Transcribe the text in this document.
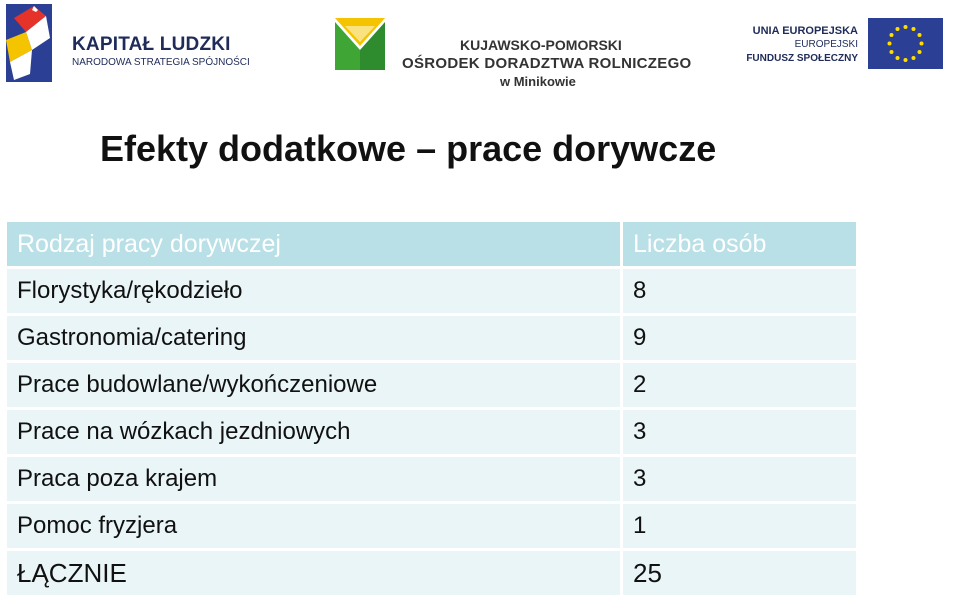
KAPITAŁ LUDZKI
NARODOWA STRATEGIA SPÓJNOŚCI
KUJAWSKO-POMORSKI
OŚRODEK DORADZTWA ROLNICZEGO
w Minikowie
UNIA EUROPEJSKA
EUROPEJSKI
FUNDUSZ SPOŁECZNY
Efekty dodatkowe – prace dorywcze
Rodzaj pracy dorywczej	Liczba osób
Florystyka/rękodzieło	8
Gastronomia/catering	9
Prace budowlane/wykończeniowe	2
Prace na wózkach jezdniowych	3
Praca poza krajem	3
Pomoc fryzjera	1
ŁĄCZNIE	25
